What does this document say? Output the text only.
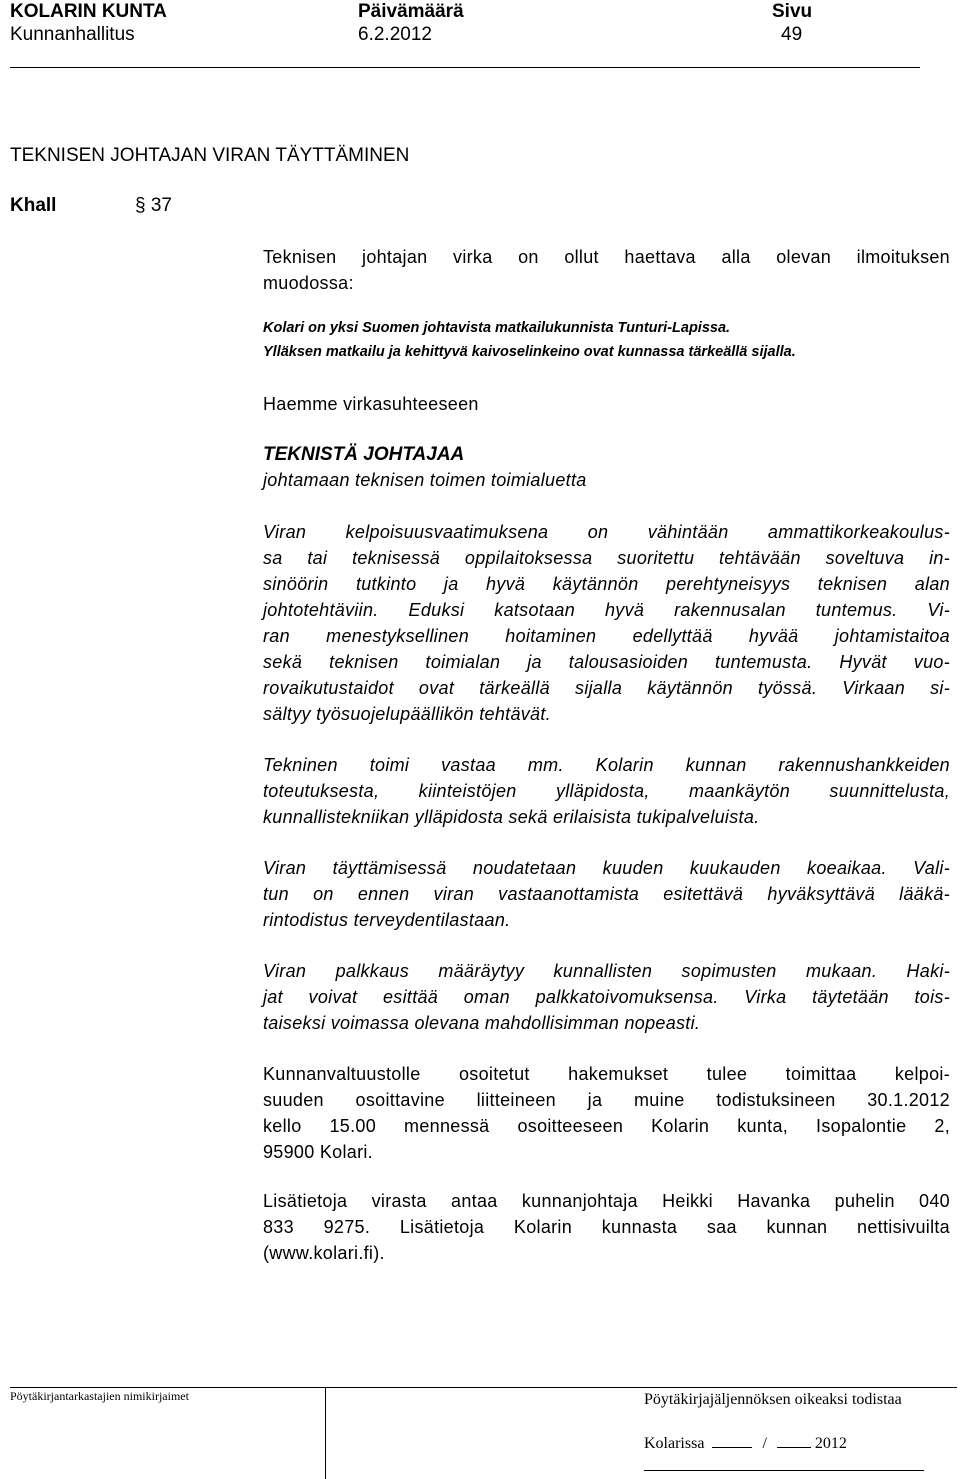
KOLARIN KUNTA	Päivämäärä	Sivu
Kunnanhallitus	6.2.2012	49
TEKNISEN JOHTAJAN VIRAN TÄYTTÄMINEN
Khall	§ 37
Teknisen johtajan virka on ollut haettava alla olevan ilmoituksen
muodossa:
Kolari on yksi Suomen johtavista matkailukunnista Tunturi-Lapissa.
Ylläksen matkailu ja kehittyvä kaivoselinkeino ovat kunnassa tärkeällä sijalla.
Haemme virkasuhteeseen
TEKNISTÄ JOHTAJAA
johtamaan teknisen toimen toimialuetta
Viran kelpoisuusvaatimuksena on vähintään ammattikorkeakoulus-
sa tai teknisessä oppilaitoksessa suoritettu tehtävään soveltuva in-
sinöörin tutkinto ja hyvä käytännön perehtyneisyys teknisen alan
johtotehtäviin. Eduksi katsotaan hyvä rakennusalan tuntemus. Vi-
ran menestyksellinen hoitaminen edellyttää hyvää johtamistaitoa
sekä teknisen toimialan ja talousasioiden tuntemusta. Hyvät vuo-
rovaikutustaidot ovat tärkeällä sijalla käytännön työssä. Virkaan si-
sältyy työsuojelupäällikön tehtävät.
Tekninen toimi vastaa mm. Kolarin kunnan rakennushankkeiden
toteutuksesta, kiinteistöjen ylläpidosta, maankäytön suunnittelusta,
kunnallistekniikan ylläpidosta sekä erilaisista tukipalveluista.
Viran täyttämisessä noudatetaan kuuden kuukauden koeaikaa. Vali-
tun on ennen viran vastaanottamista esitettävä hyväksyttävä lääkä-
rintodistus terveydentilastaan.
Viran palkkaus määräytyy kunnallisten sopimusten mukaan. Haki-
jat voivat esittää oman palkkatoivomuksensa. Virka täytetään tois-
taiseksi voimassa olevana mahdollisimman nopeasti.
Kunnanvaltuustolle osoitetut hakemukset tulee toimittaa kelpoi-
suuden osoittavine liitteineen ja muine todistuksineen 30.1.2012
kello 15.00 mennessä osoitteeseen Kolarin kunta, Isopalontie 2,
95900 Kolari.
Lisätietoja virasta antaa kunnanjohtaja Heikki Havanka puhelin 040
833 9275. Lisätietoja Kolarin kunnasta saa kunnan nettisivuilta
(www.kolari.fi).
Pöytäkirjantarkastajien nimikirjaimet	Pöytäkirjajäljennöksen oikeaksi todistaa
Kolarissa	/	2012
